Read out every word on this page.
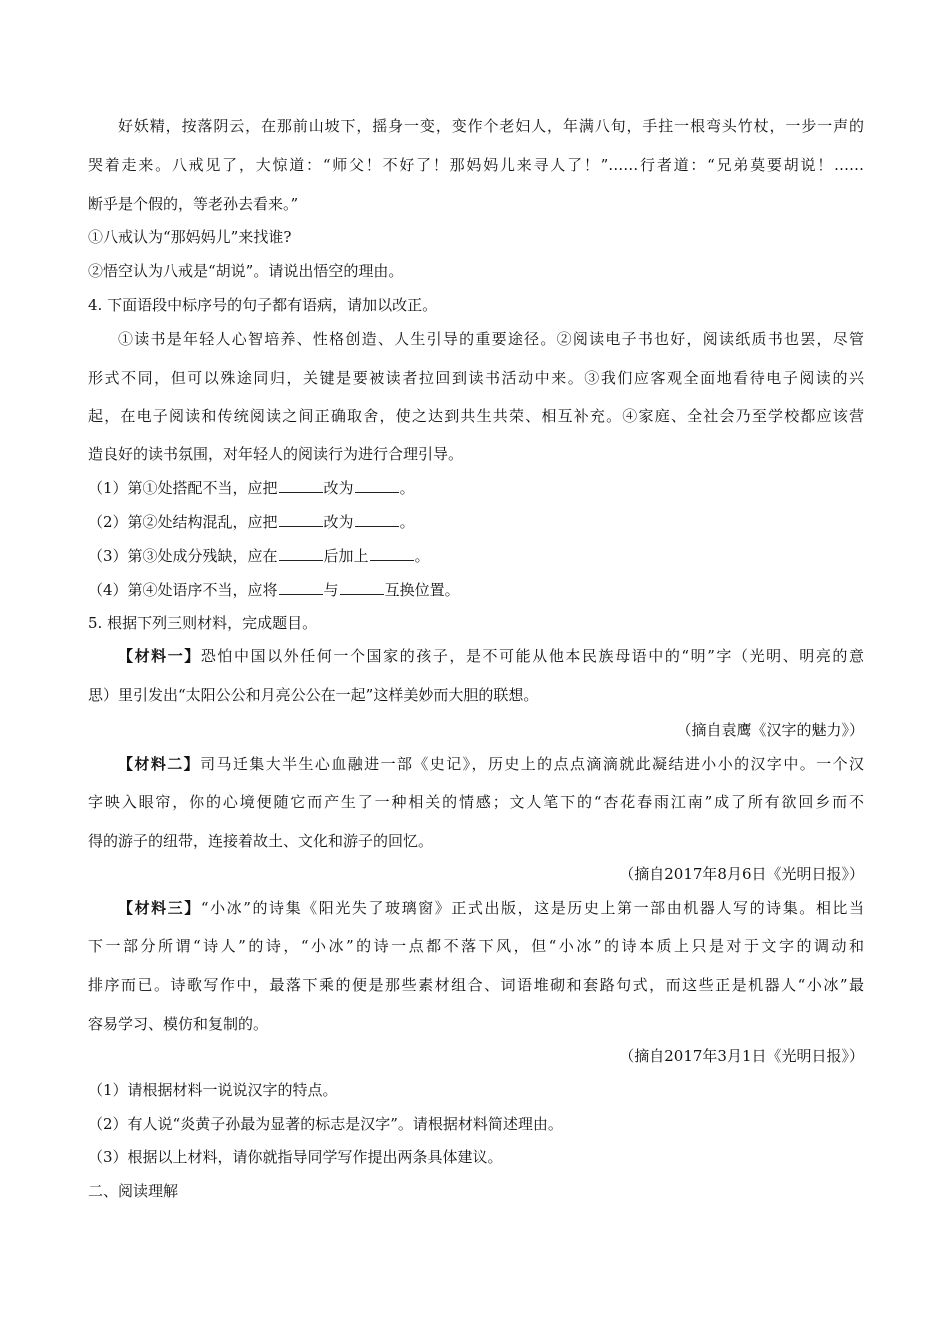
好妖精，按落阴云，在那前山坡下，摇身一变，变作个老妇人，年满八旬，手拄一根弯头竹杖，一步一声的
哭着走来。八戒见了，大惊道：“师父！不好了！那妈妈儿来寻人了！”……行者道：“兄弟莫要胡说！……
断乎是个假的，等老孙去看来。”
①八戒认为“那妈妈儿”来找谁?
②悟空认为八戒是“胡说”。请说出悟空的理由。
4. 下面语段中标序号的句子都有语病，请加以改正。
①读书是年轻人心智培养、性格创造、人生引导的重要途径。②阅读电子书也好，阅读纸质书也罢，尽管
形式不同，但可以殊途同归，关键是要被读者拉回到读书活动中来。③我们应客观全面地看待电子阅读的兴
起，在电子阅读和传统阅读之间正确取舍，使之达到共生共荣、相互补充。④家庭、全社会乃至学校都应该营
造良好的读书氛围，对年轻人的阅读行为进行合理引导。
（1）第①处搭配不当，应把	改为	。
（2）第②处结构混乱，应把	改为	。
（3）第③处成分残缺，应在	后加上	。
（4）第④处语序不当，应将	与	互换位置。
5. 根据下列三则材料，完成题目。
【材料一】恐怕中国以外任何一个国家的孩子，是不可能从他本民族母语中的“明”字（光明、明亮的意
思）里引发出“太阳公公和月亮公公在一起”这样美妙而大胆的联想。
（摘自袁鹰《汉字的魅力》）
【材料二】司马迁集大半生心血融进一部《史记》，历史上的点点滴滴就此凝结进小小的汉字中。一个汉
字映入眼帘，你的心境便随它而产生了一种相关的情感；文人笔下的“杏花春雨江南”成了所有欲回乡而不
得的游子的纽带，连接着故土、文化和游子的回忆。
（摘自2017年8月6日《光明日报》）
【材料三】“小冰”的诗集《阳光失了玻璃窗》正式出版，这是历史上第一部由机器人写的诗集。相比当
下一部分所谓“诗人”的诗，“小冰”的诗一点都不落下风，但“小冰”的诗本质上只是对于文字的调动和
排序而已。诗歌写作中，最落下乘的便是那些素材组合、词语堆砌和套路句式，而这些正是机器人“小冰”最
容易学习、模仿和复制的。
（摘自2017年3月1日《光明日报》）
（1）请根据材料一说说汉字的特点。
（2）有人说“炎黄子孙最为显著的标志是汉字”。请根据材料简述理由。
（3）根据以上材料，请你就指导同学写作提出两条具体建议。
二、阅读理解
